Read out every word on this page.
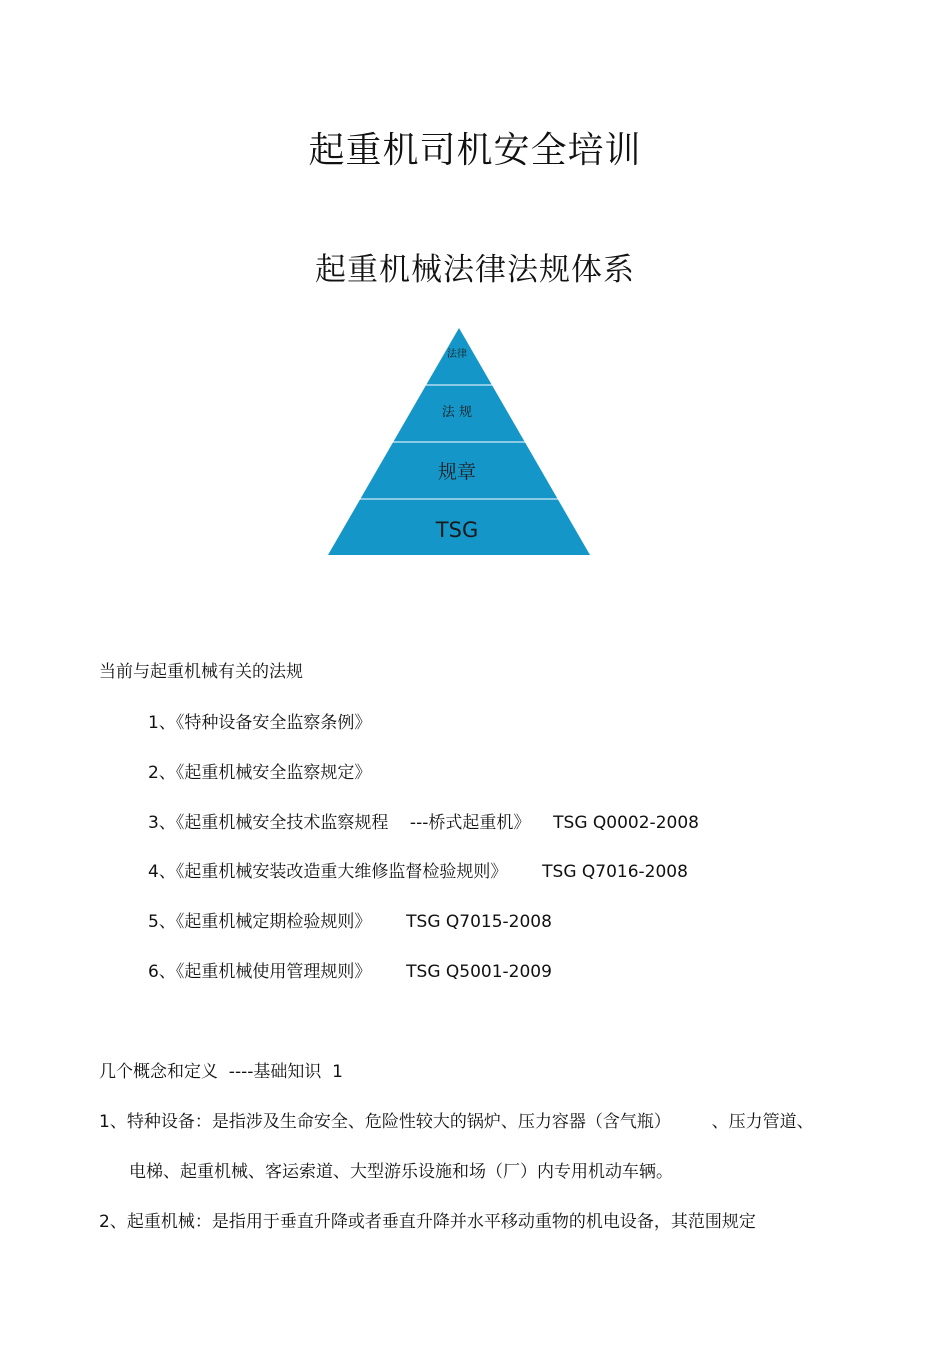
起重机司机安全培训
起重机械法律法规体系
法律
法 规
规章
TSG
当前与起重机械有关的法规
1、《特种设备安全监察条例》
2、《起重机械安全监察规定》
3、《起重机械安全技术监察规程    ---桥式起重机》 TSG Q0002-2008
4、《起重机械安装改造重大维修监督检验规则》 TSG Q7016-2008
5、《起重机械定期检验规则》 TSG Q7015-2008
6、《起重机械使用管理规则》 TSG Q5001-2009
几个概念和定义  ----基础知识  1
1、特种设备：是指涉及生命安全、危险性较大的锅炉、压力容器（含气瓶） 、压力管道、
电梯、起重机械、客运索道、大型游乐设施和场（厂）内专用机动车辆。
2、起重机械：是指用于垂直升降或者垂直升降并水平移动重物的机电设备，其范围规定
